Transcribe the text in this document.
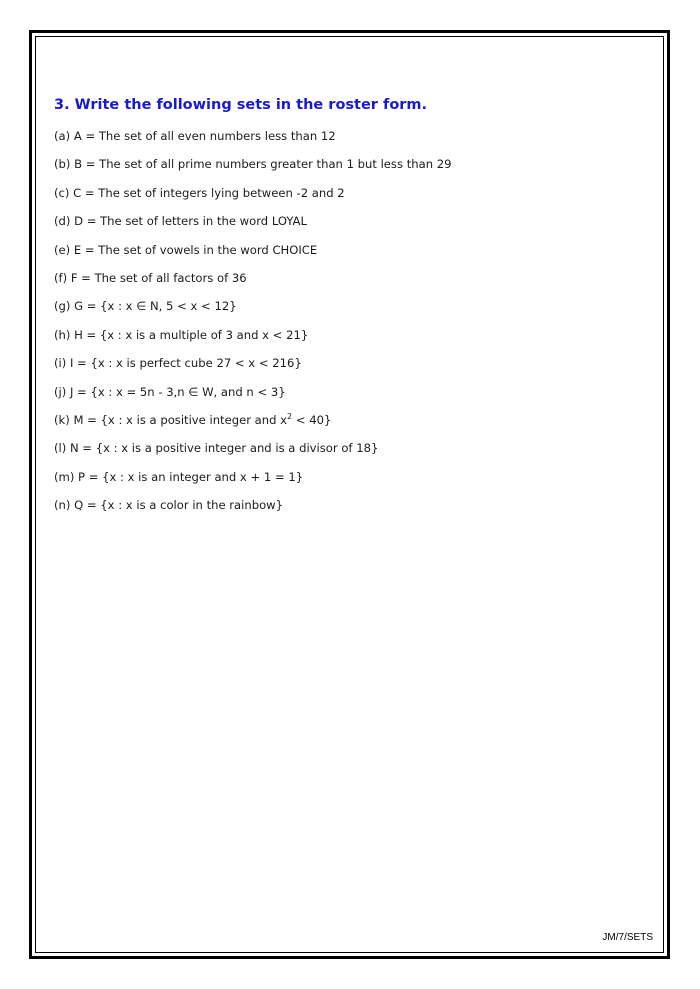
3. Write the following sets in the roster form.
(a) A = The set of all even numbers less than 12
(b) B = The set of all prime numbers greater than 1 but less than 29
(c) C = The set of integers lying between -2 and 2
(d) D = The set of letters in the word LOYAL
(e) E = The set of vowels in the word CHOICE
(f) F = The set of all factors of 36
(g) G = {x : x ∈ N, 5 < x < 12}
(h) H = {x : x is a multiple of 3 and x < 21}
(i) I = {x : x is perfect cube 27 < x < 216}
(j) J = {x : x = 5n - 3,n ∈ W, and n < 3}
(k) M = {x : x is a positive integer and $x^2 < 40$}
(l) N = {x : x is a positive integer and is a divisor of 18}
(m) P = {x : x is an integer and x + 1 = 1}
(n) Q = {x : x is a color in the rainbow}
JM/7/SETS
